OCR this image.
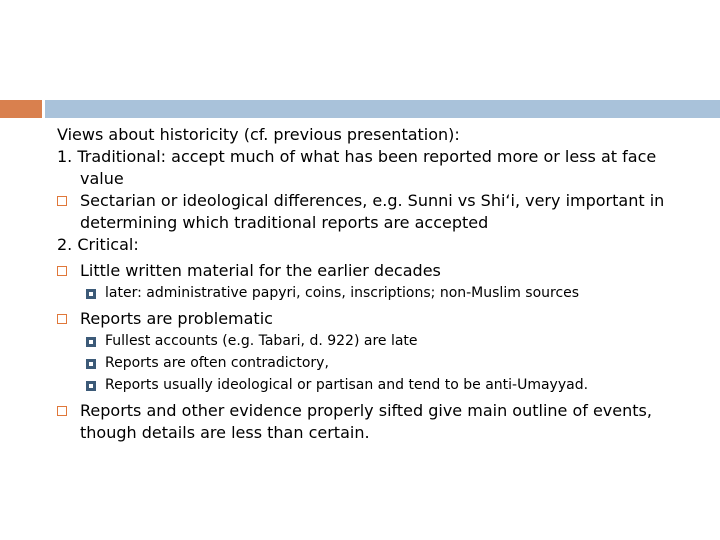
Views about historicity (cf. previous presentation):
1. Traditional: accept much of what has been reported more or less at face
value
Sectarian or ideological differences, e.g. Sunni vs Shi‘i, very important in
determining which traditional reports are accepted
2. Critical:
Little written material for the earlier decades
later: administrative papyri, coins, inscriptions; non-Muslim sources
Reports are problematic
Fullest accounts (e.g. Tabari, d. 922) are late
Reports are often contradictory,
Reports usually ideological or partisan and tend to be anti-Umayyad.
Reports and other evidence properly sifted give main outline of events,
though details are less than certain.
